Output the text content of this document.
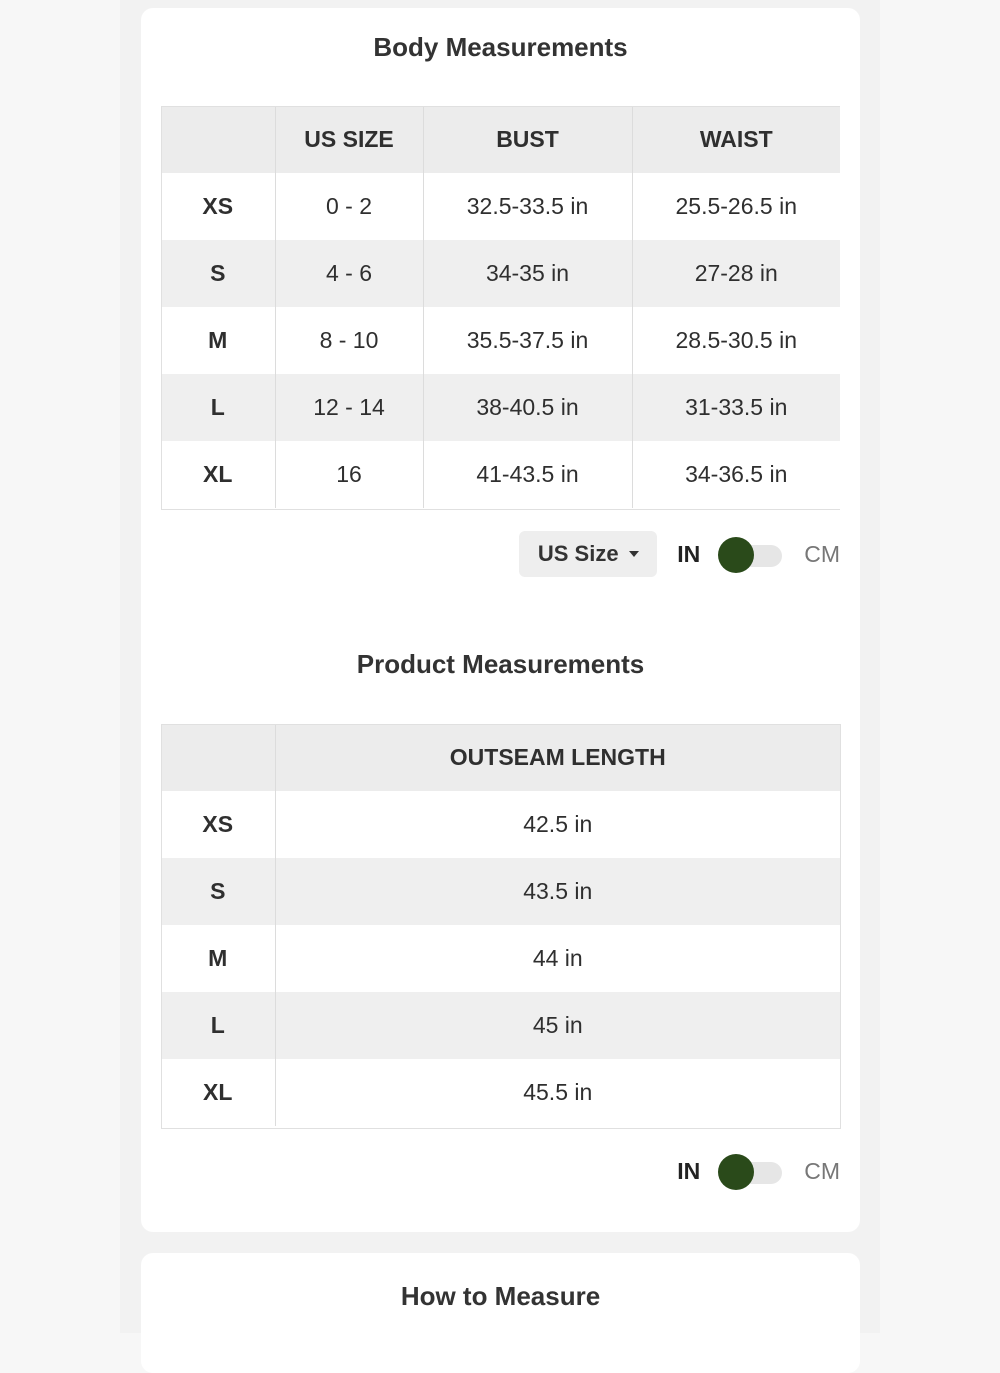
Body Measurements
	US SIZE	BUST	WAIST
XS	0 - 2	32.5-33.5 in	25.5-26.5 in
S	4 - 6	34-35 in	27-28 in
M	8 - 10	35.5-37.5 in	28.5-30.5 in
L	12 - 14	38-40.5 in	31-33.5 in
XL	16	41-43.5 in	34-36.5 in
US Size	IN	CM
Product Measurements
	OUTSEAM LENGTH
XS	42.5 in
S	43.5 in
M	44 in
L	45 in
XL	45.5 in
IN	CM
How to Measure
